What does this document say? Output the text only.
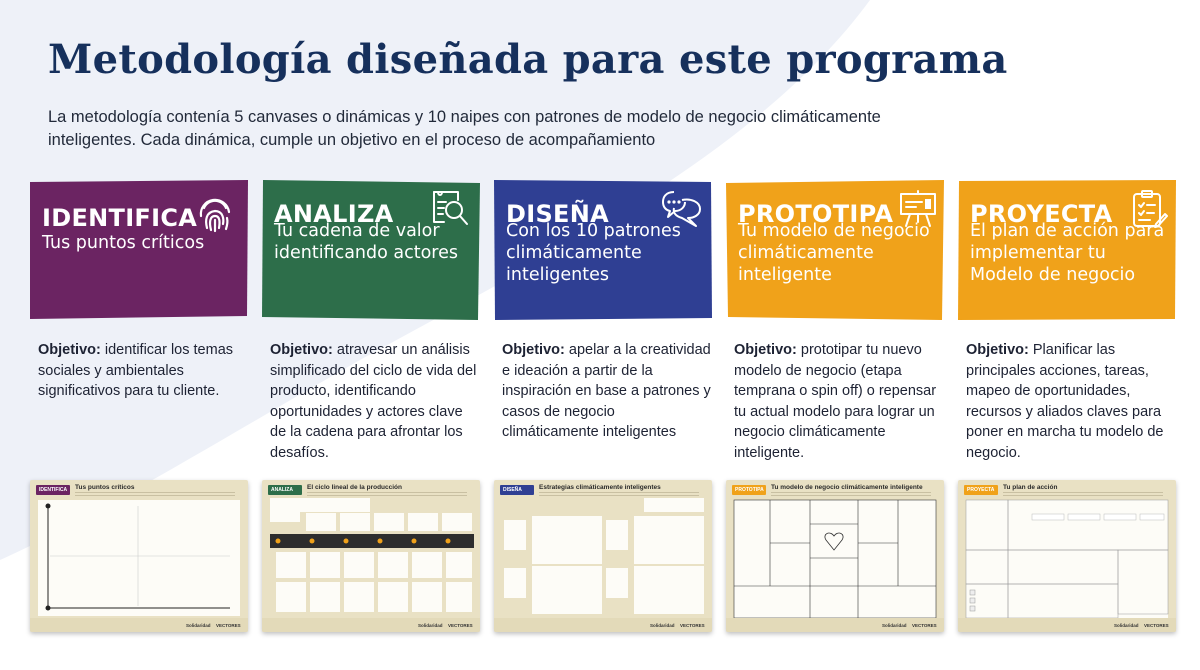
Metodología diseñada para este programa

La metodología contenía 5 canvases o dinámicas y 10 naipes con patrones de modelo de negocio climáticamente inteligentes. Cada dinámica, cumple un objetivo en el proceso de acompañamiento

IDENTIFICA
Tus puntos críticos

Objetivo: identificar los temas sociales y ambientales significativos para tu cliente.

IDENTIFICA	Tus puntos críticos
Solidaridad VECTORES
ANALIZA
Tu cadena de valor identificando actores

Objetivo: atravesar un análisis simplificado del ciclo de vida del producto, identificando oportunidades y actores clave de la cadena para afrontar los desafíos.

ANALIZA	El ciclo lineal de la producción
Solidaridad VECTORES
DISEÑA
Con los 10 patrones climáticamente inteligentes

Objetivo: apelar a la creatividad e ideación a partir de la inspiración en base a patrones y casos de negocio climáticamente inteligentes

DISEÑA	Estrategias climáticamente inteligentes
Solidaridad VECTORES
PROTOTIPA
Tu modelo de negocio climáticamente inteligente

Objetivo: prototipar tu nuevo modelo de negocio (etapa temprana o spin off) o repensar tu actual modelo para lograr un negocio climáticamente inteligente.

PROTOTIPA	Tu modelo de negocio climáticamente inteligente
Solidaridad VECTORES
PROYECTA
El plan de acción para implementar tu Modelo de negocio

Objetivo: Planificar las principales acciones, tareas, mapeo de oportunidades, recursos y aliados claves para poner en marcha tu modelo de negocio.

PROYECTA	Tu plan de acción
Solidaridad VECTORES
